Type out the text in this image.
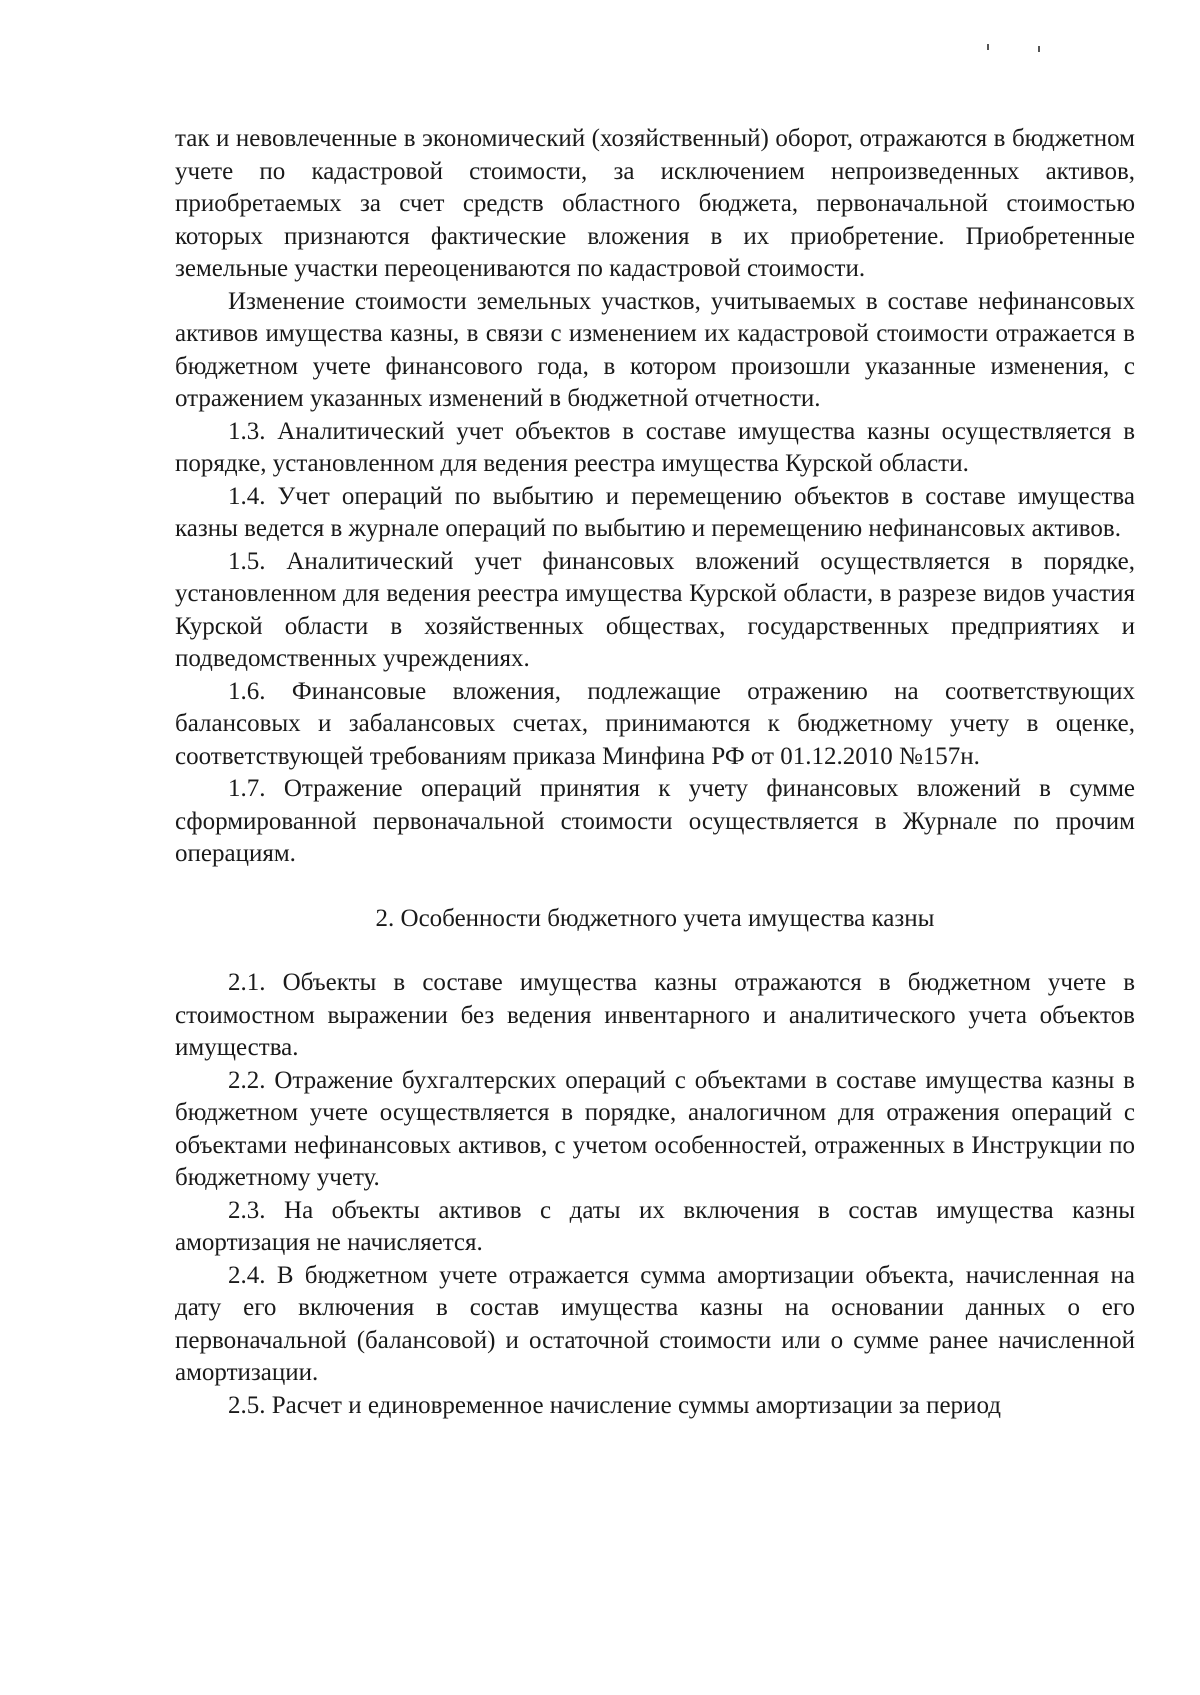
так и невовлеченные в экономический (хозяйственный) оборот, отражаются в бюджетном учете по кадастровой стоимости, за исключением непроизведенных активов, приобретаемых за счет средств областного бюджета, первоначальной стоимостью которых признаются фактические вложения в их приобретение. Приобретенные земельные участки переоцениваются по кадастровой стоимости.

Изменение стоимости земельных участков, учитываемых в составе нефинансовых активов имущества казны, в связи с изменением их кадастровой стоимости отражается в бюджетном учете финансового года, в котором произошли указанные изменения, с отражением указанных изменений в бюджетной отчетности.

1.3. Аналитический учет объектов в составе имущества казны осуществляется в порядке, установленном для ведения реестра имущества Курской области.

1.4. Учет операций по выбытию и перемещению объектов в составе имущества казны ведется в журнале операций по выбытию и перемещению нефинансовых активов.

1.5. Аналитический учет финансовых вложений осуществляется в порядке, установленном для ведения реестра имущества Курской области, в разрезе видов участия Курской области в хозяйственных обществах, государственных предприятиях и подведомственных учреждениях.

1.6. Финансовые вложения, подлежащие отражению на соответствующих балансовых и забалансовых счетах, принимаются к бюджетному учету в оценке, соответствующей требованиям приказа Минфина РФ от 01.12.2010 №157н.

1.7. Отражение операций принятия к учету финансовых вложений в сумме сформированной первоначальной стоимости осуществляется в Журнале по прочим операциям.

2. Особенности бюджетного учета имущества казны

2.1. Объекты в составе имущества казны отражаются в бюджетном учете в стоимостном выражении без ведения инвентарного и аналитического учета объектов имущества.

2.2. Отражение бухгалтерских операций с объектами в составе имущества казны в бюджетном учете осуществляется в порядке, аналогичном для отражения операций с объектами нефинансовых активов, с учетом особенностей, отраженных в Инструкции по бюджетному учету.

2.3. На объекты активов с даты их включения в состав имущества казны амортизация не начисляется.

2.4. В бюджетном учете отражается сумма амортизации объекта, начисленная на дату его включения в состав имущества казны на основании данных о его первоначальной (балансовой) и остаточной стоимости или о сумме ранее начисленной амортизации.

2.5. Расчет и единовременное начисление суммы амортизации за период
